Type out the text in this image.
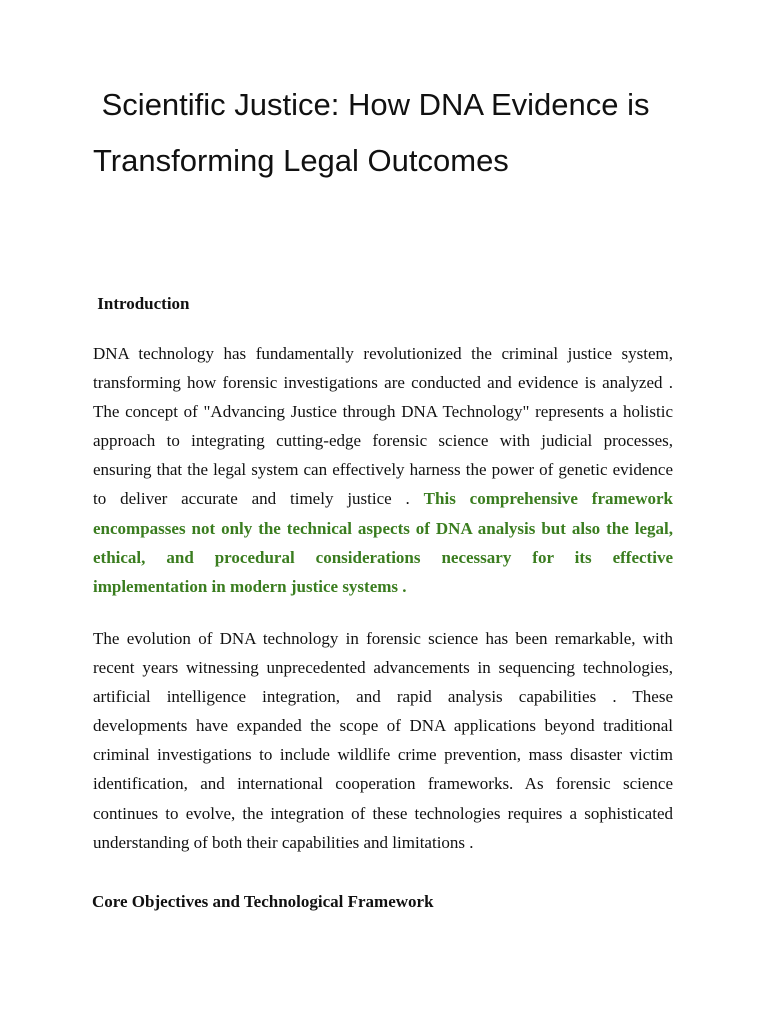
Scientific Justice: How DNA Evidence is Transforming Legal Outcomes
Introduction

DNA technology has fundamentally revolutionized the criminal justice system, transforming how forensic investigations are conducted and evidence is analyzed . The concept of "Advancing Justice through DNA Technology" represents a holistic approach to integrating cutting-edge forensic science with judicial processes, ensuring that the legal system can effectively harness the power of genetic evidence to deliver accurate and timely justice . This comprehensive framework encompasses not only the technical aspects of DNA analysis but also the legal, ethical, and procedural considerations necessary for its effective implementation in modern justice systems .

The evolution of DNA technology in forensic science has been remarkable, with recent years witnessing unprecedented advancements in sequencing technologies, artificial intelligence integration, and rapid analysis capabilities . These developments have expanded the scope of DNA applications beyond traditional criminal investigations to include wildlife crime prevention, mass disaster victim identification, and international cooperation frameworks. As forensic science continues to evolve, the integration of these technologies requires a sophisticated understanding of both their capabilities and limitations .

Core Objectives and Technological Framework
